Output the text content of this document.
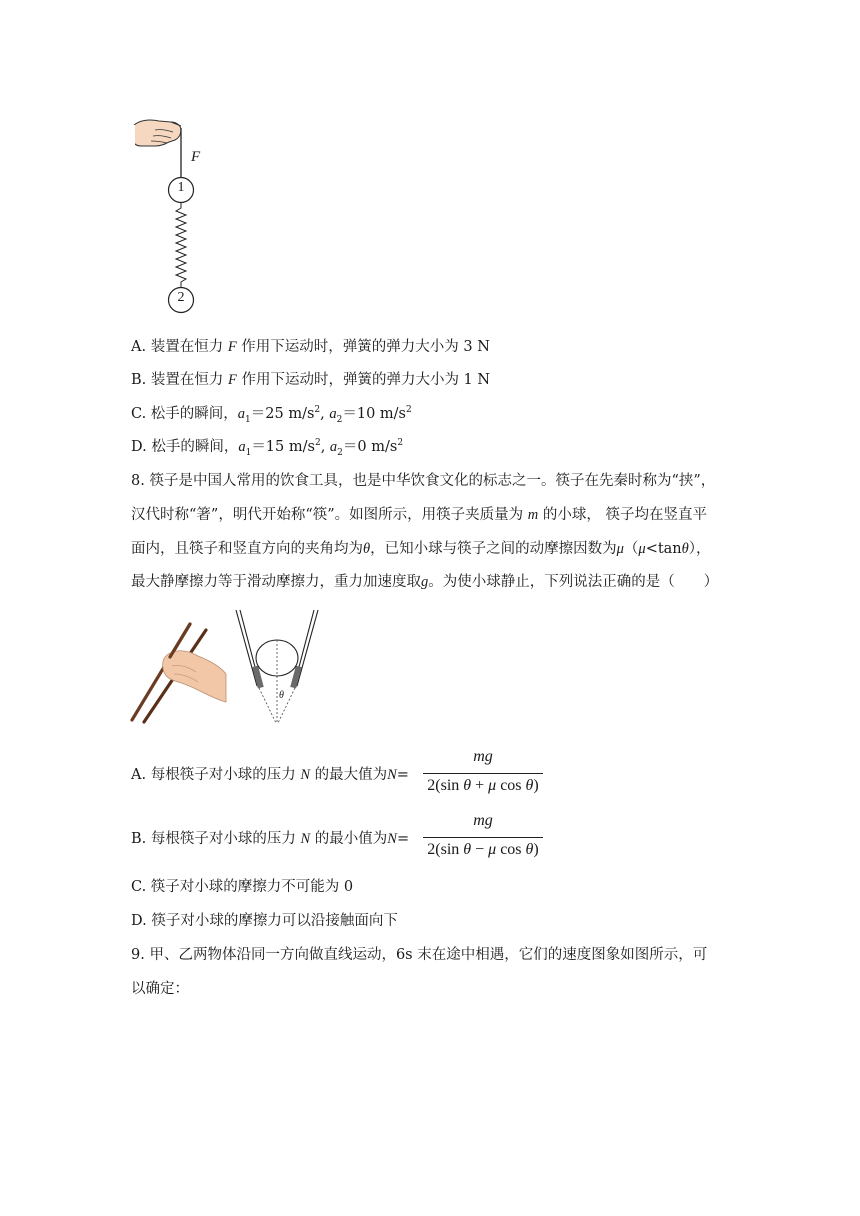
F
1
2
A. 装置在恒力 F 作用下运动时，弹簧的弹力大小为 3 N
B. 装置在恒力 F 作用下运动时，弹簧的弹力大小为 1 N
C. 松手的瞬间，$a_1=25$ $m/s^2$, $a_2=10$ $m/s^2$
D. 松手的瞬间，$a_1=15$ $m/s^2$, $a_2=0$ $m/s^2$
8. 筷子是中国人常用的饮食工具，也是中华饮食文化的标志之一。筷子在先秦时称为“挟”，
汉代时称“箸”，明代开始称“筷”。如图所示，用筷子夹质量为 m 的小球， 筷子均在竖直平
面内，且筷子和竖直方向的夹角均为θ，已知小球与筷子之间的动摩擦因数为μ（μ<tanθ），
最大静摩擦力等于滑动摩擦力，重力加速度取g。为使小球静止，下列说法正确的是（　　）
θ
A. 每根筷子对小球的压力 N 的最大值为N=
mg
2(sin θ + μ cos θ)
B. 每根筷子对小球的压力 N 的最小值为N=
mg
2(sin θ − μ cos θ)
C. 筷子对小球的摩擦力不可能为 0
D. 筷子对小球的摩擦力可以沿接触面向下
9. 甲、乙两物体沿同一方向做直线运动，6s 末在途中相遇，它们的速度图象如图所示，可
以确定：
